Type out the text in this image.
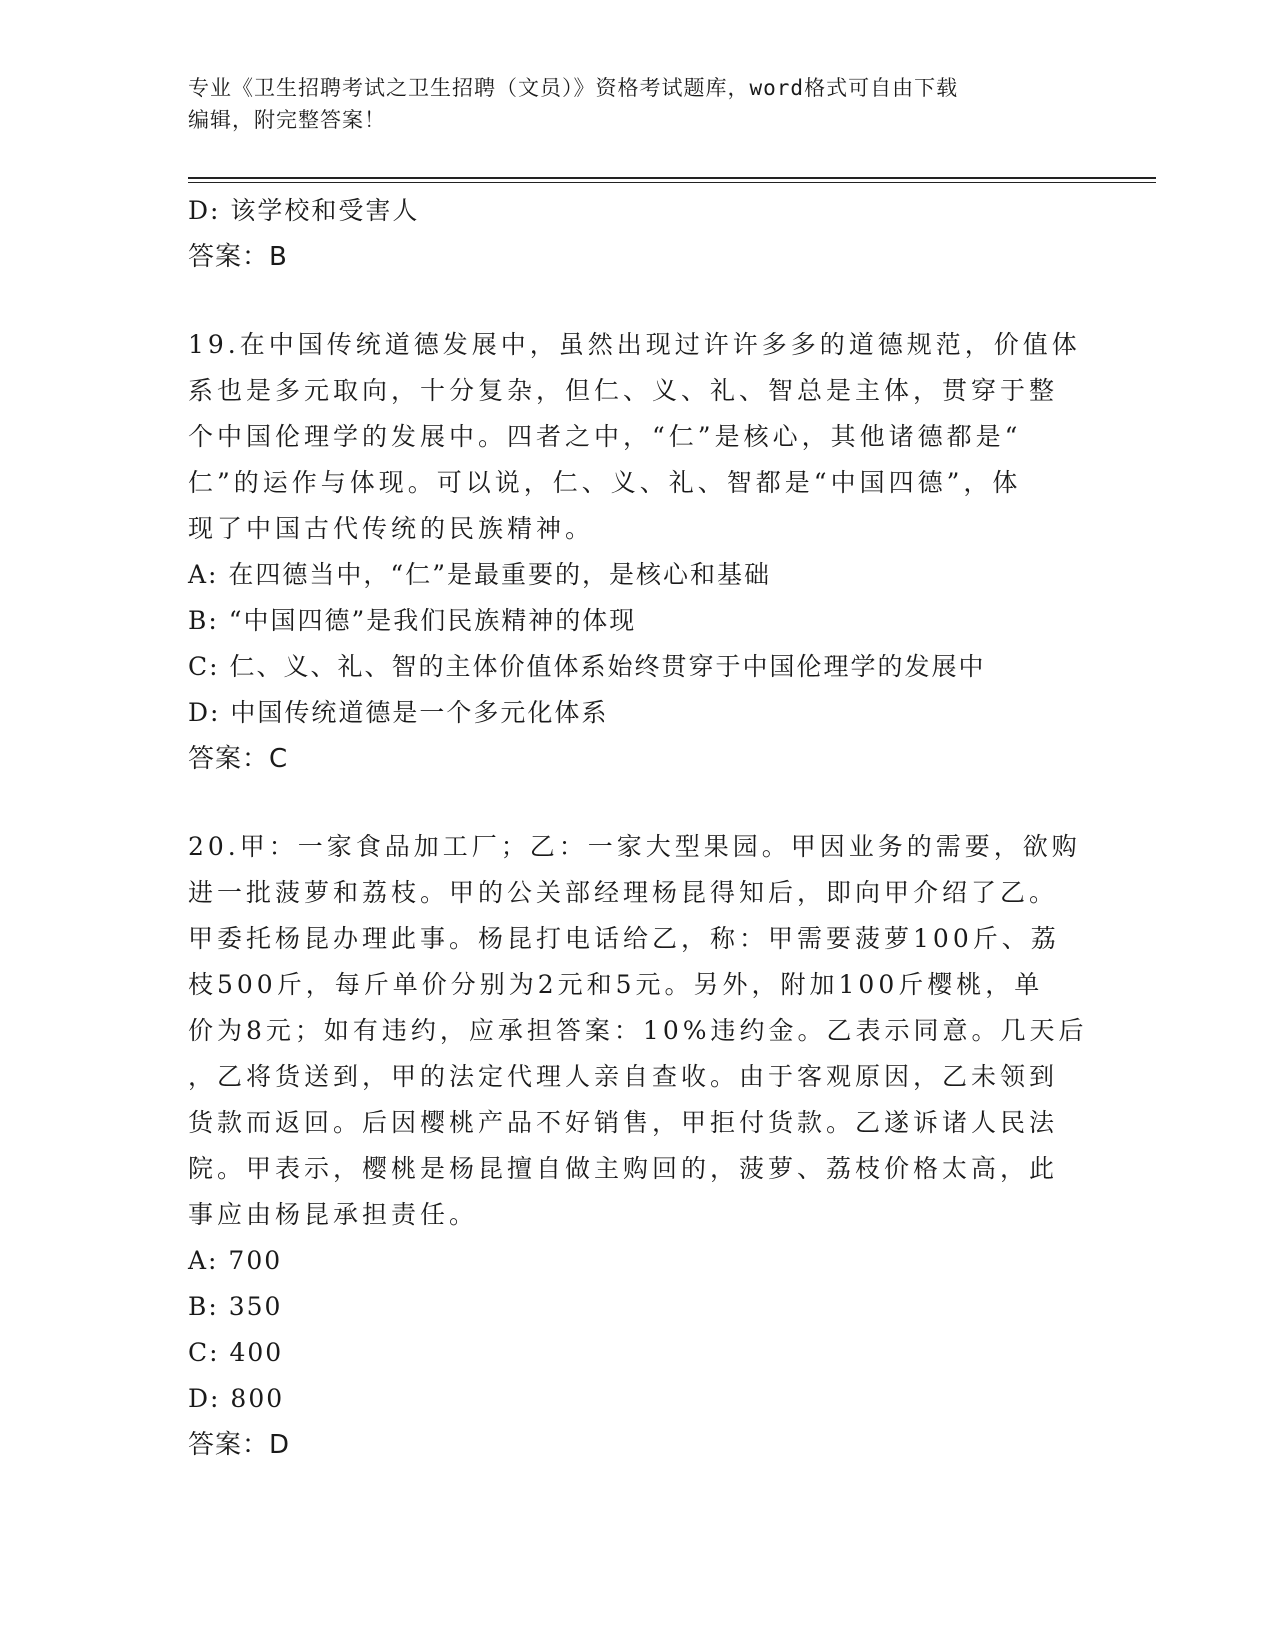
专业《卫生招聘考试之卫生招聘（文员）》资格考试题库，word格式可自由下载
编辑，附完整答案！
D: 该学校和受害人
答案：B
19.在中国传统道德发展中，虽然出现过许许多多的道德规范，价值体
系也是多元取向，十分复杂，但仁、义、礼、智总是主体，贯穿于整
个中国伦理学的发展中。四者之中，“仁”是核心，其他诸德都是“
仁”的运作与体现。可以说，仁、义、礼、智都是“中国四德”，体
现了中国古代传统的民族精神。
A: 在四德当中，“仁”是最重要的，是核心和基础
B: “中国四德”是我们民族精神的体现
C: 仁、义、礼、智的主体价值体系始终贯穿于中国伦理学的发展中
D: 中国传统道德是一个多元化体系
答案：C
20.甲：一家食品加工厂；乙：一家大型果园。甲因业务的需要，欲购
进一批菠萝和荔枝。甲的公关部经理杨昆得知后，即向甲介绍了乙。
甲委托杨昆办理此事。杨昆打电话给乙，称：甲需要菠萝100斤、荔
枝500斤，每斤单价分别为2元和5元。另外，附加100斤樱桃，单
价为8元；如有违约，应承担答案：10%违约金。乙表示同意。几天后
，乙将货送到，甲的法定代理人亲自查收。由于客观原因，乙未领到
货款而返回。后因樱桃产品不好销售，甲拒付货款。乙遂诉诸人民法
院。甲表示，樱桃是杨昆擅自做主购回的，菠萝、荔枝价格太高，此
事应由杨昆承担责任。
A: 700
B: 350
C: 400
D: 800
答案：D
